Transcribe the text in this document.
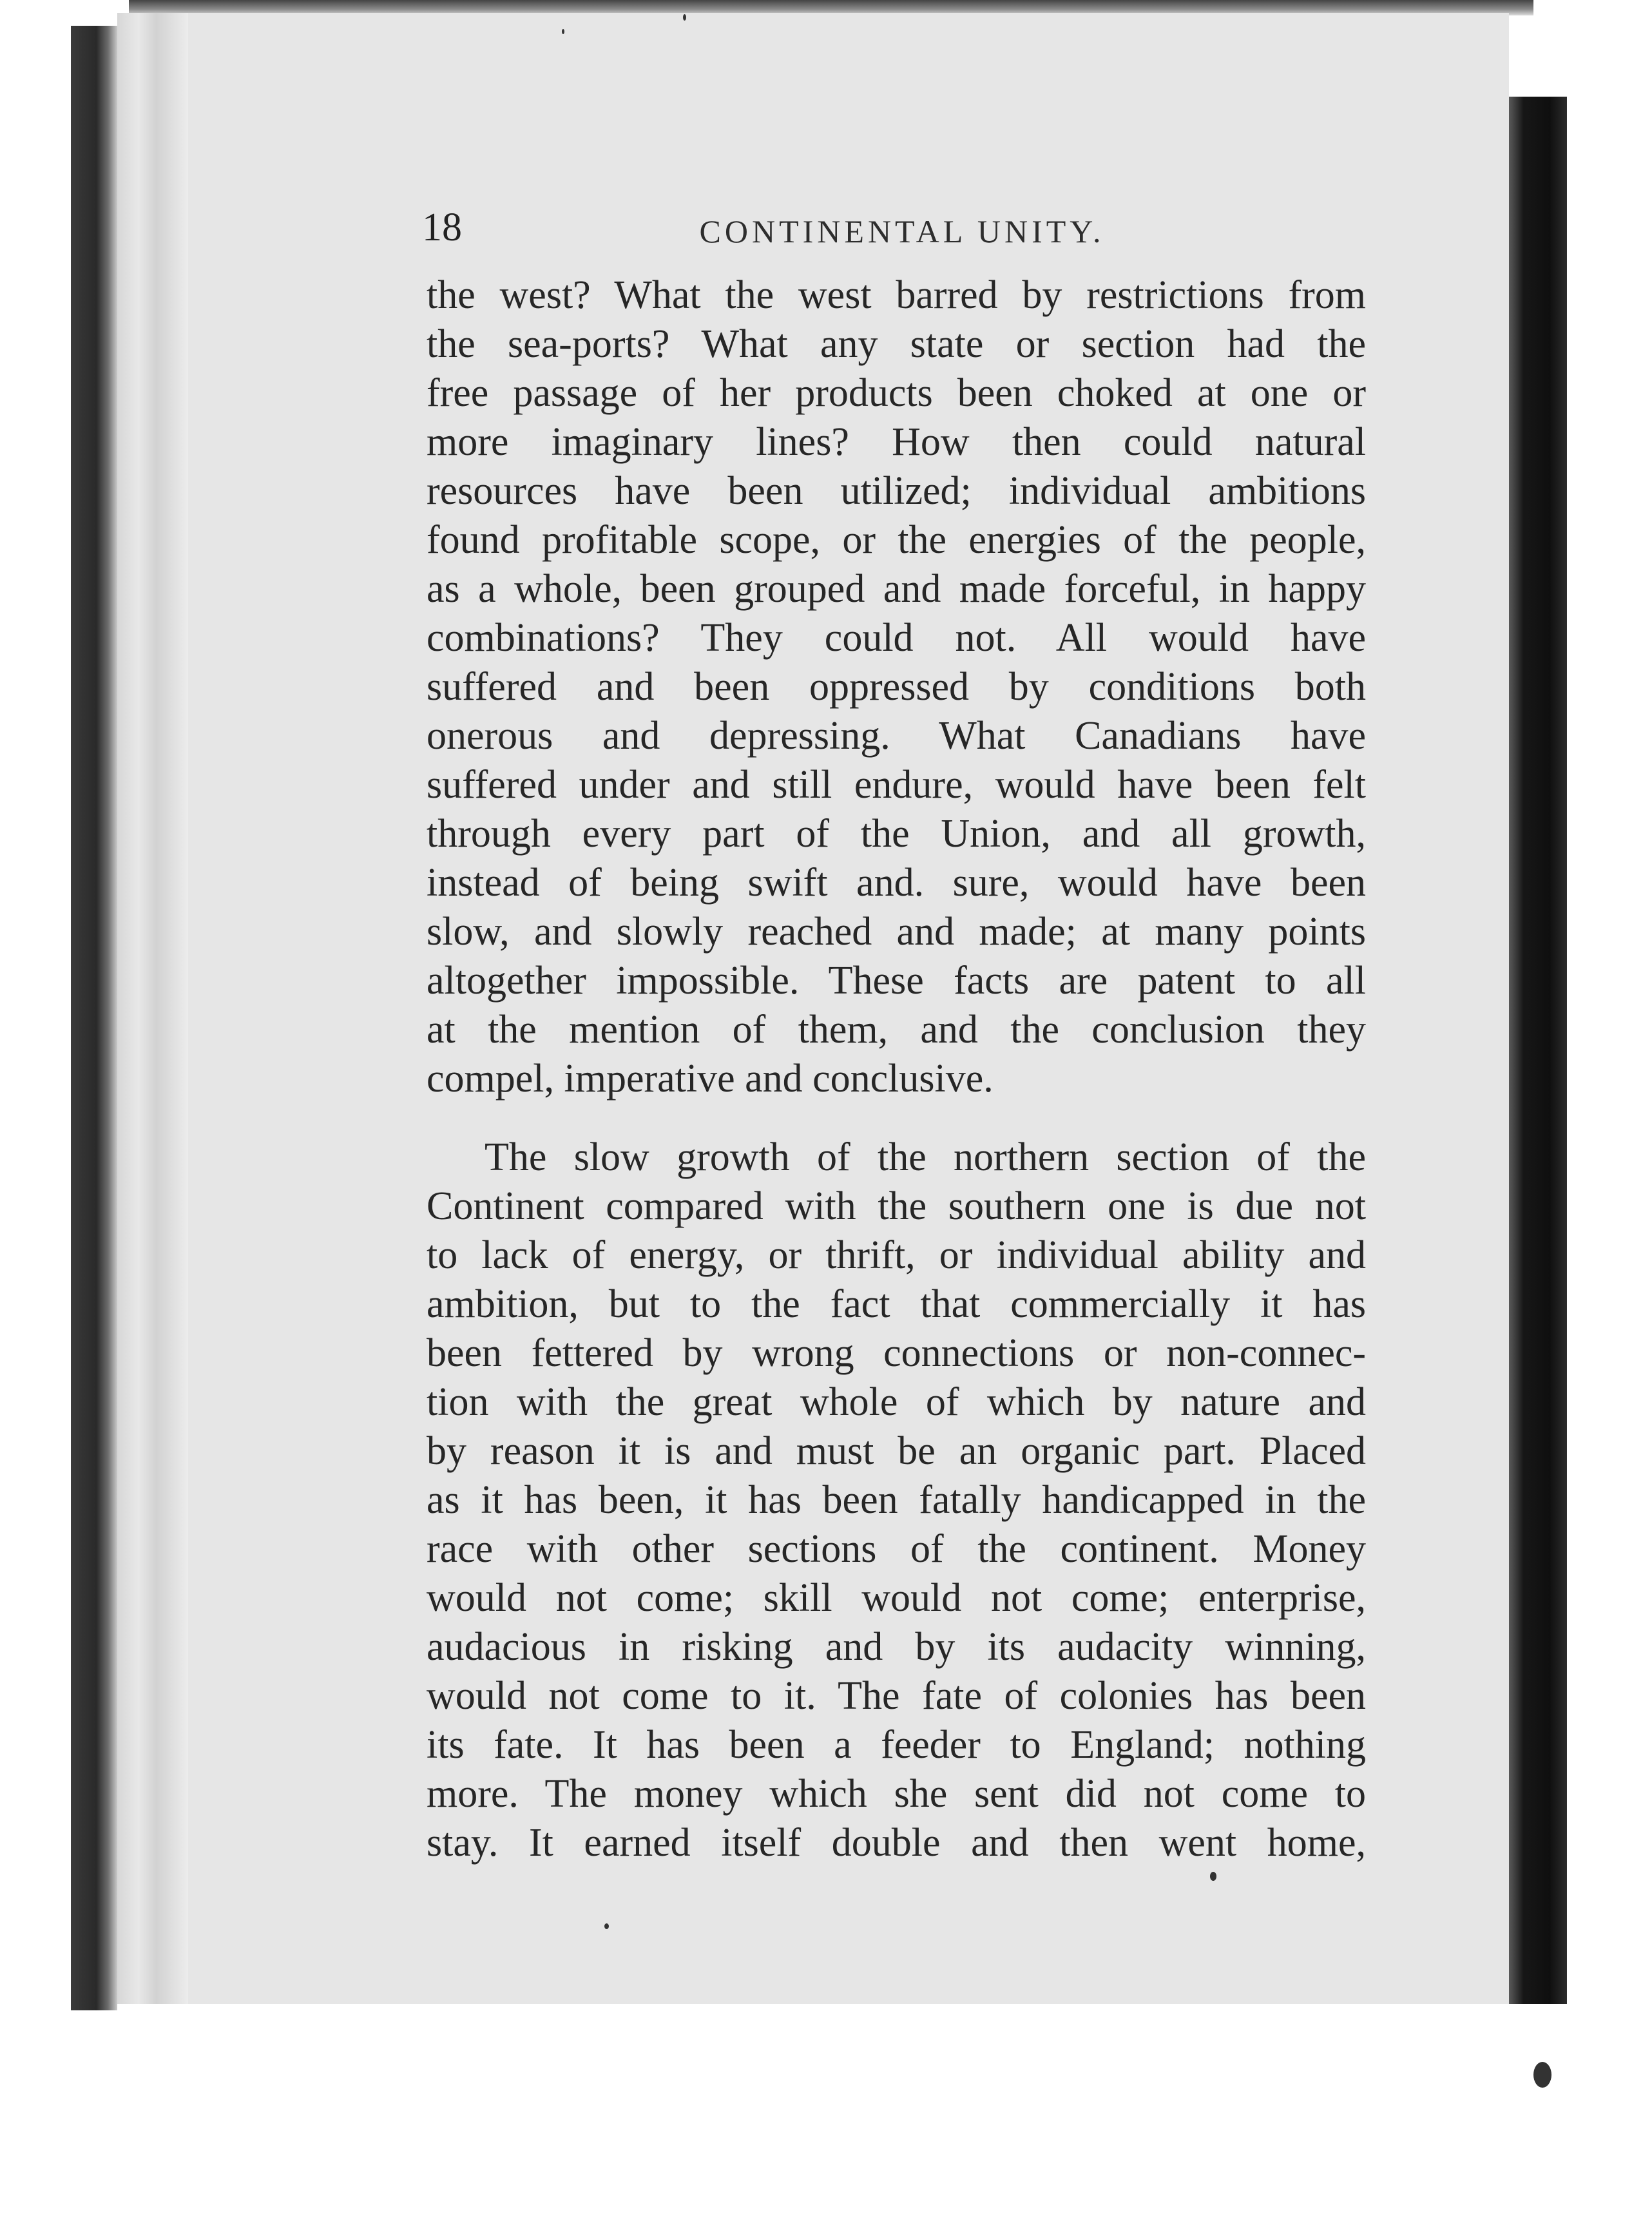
18	CONTINENTAL UNITY.
the west? What the west barred by restrictions from
the sea-ports? What any state or section had the
free passage of her products been choked at one or
more imaginary lines? How then could natural
resources have been utilized; individual ambitions
found profitable scope, or the energies of the people,
as a whole, been grouped and made forceful, in happy
combinations? They could not. All would have
suffered and been oppressed by conditions both
onerous and depressing. What Canadians have
suffered under and still endure, would have been felt
through every part of the Union, and all growth,
instead of being swift and. sure, would have been
slow, and slowly reached and made; at many points
altogether impossible. These facts are patent to all
at the mention of them, and the conclusion they
compel, imperative and conclusive.
The slow growth of the northern section of the
Continent compared with the southern one is due not
to lack of energy, or thrift, or individual ability and
ambition, but to the fact that commercially it has
been fettered by wrong connections or non-connec-
tion with the great whole of which by nature and
by reason it is and must be an organic part. Placed
as it has been, it has been fatally handicapped in the
race with other sections of the continent. Money
would not come; skill would not come; enterprise,
audacious in risking and by its audacity winning,
would not come to it. The fate of colonies has been
its fate. It has been a feeder to England; nothing
more. The money which she sent did not come to
stay. It earned itself double and then went home,
